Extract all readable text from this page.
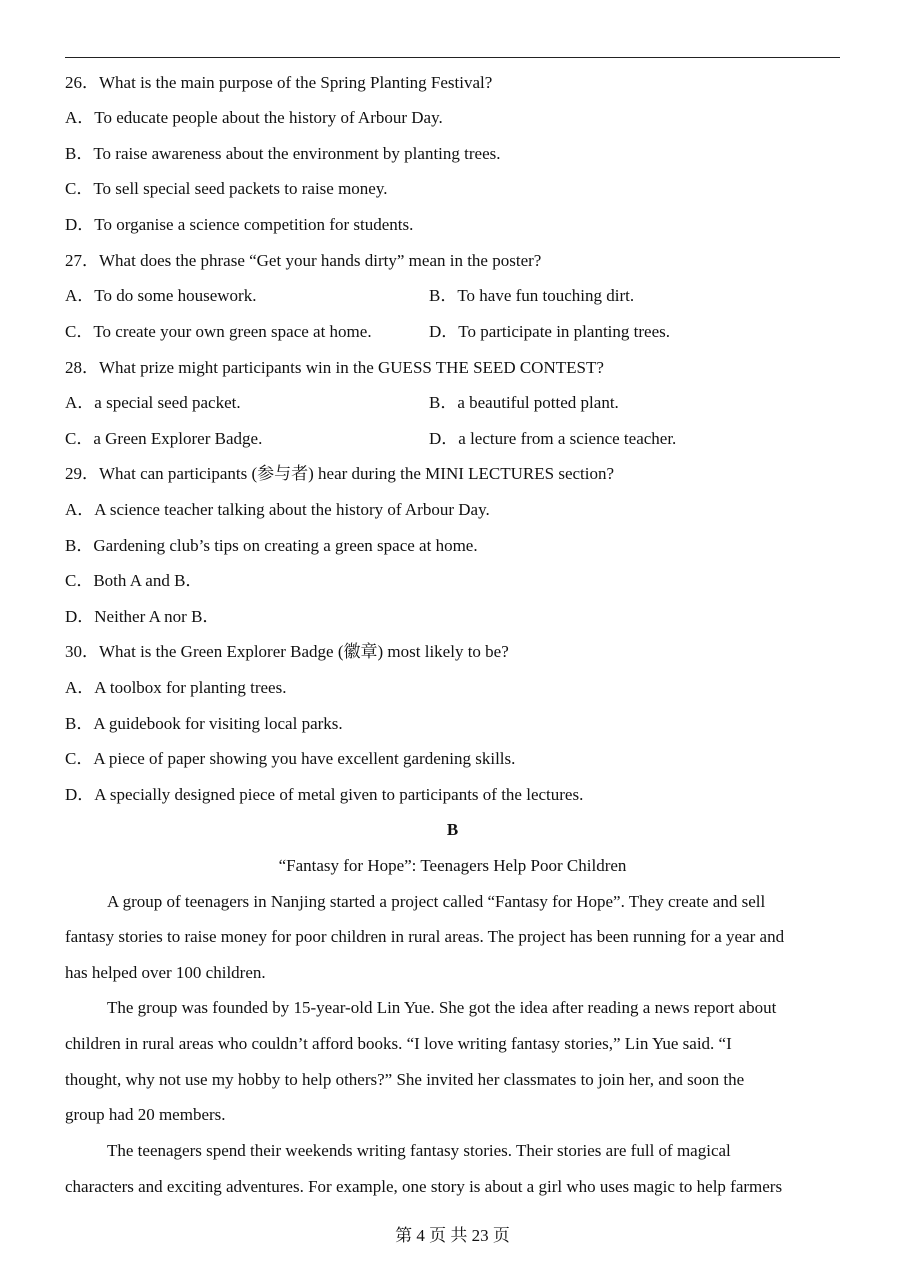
26．What is the main purpose of the Spring Planting Festival?
A．To educate people about the history of Arbour Day.
B．To raise awareness about the environment by planting trees.
C．To sell special seed packets to raise money.
D．To organise a science competition for students.
27．What does the phrase “Get your hands dirty” mean in the poster?
A．To do some housework.	B．To have fun touching dirt.
C．To create your own green space at home.	D．To participate in planting trees.
28．What prize might participants win in the GUESS THE SEED CONTEST?
A．a special seed packet.	B．a beautiful potted plant.
C．a Green Explorer Badge.	D．a lecture from a science teacher.
29．What can participants (参与者) hear during the MINI LECTURES section?
A．A science teacher talking about the history of Arbour Day.
B．Gardening club’s tips on creating a green space at home.
C．Both A and B．
D．Neither A nor B．
30．What is the Green Explorer Badge (徽章) most likely to be?
A．A toolbox for planting trees.
B．A guidebook for visiting local parks.
C．A piece of paper showing you have excellent gardening skills.
D．A specially designed piece of metal given to participants of the lectures.
B
“Fantasy for Hope”: Teenagers Help Poor Children
A group of teenagers in Nanjing started a project called “Fantasy for Hope”. They create and sell
fantasy stories to raise money for poor children in rural areas. The project has been running for a year and
has helped over 100 children.
The group was founded by 15-year-old Lin Yue. She got the idea after reading a news report about
children in rural areas who couldn’t afford books. “I love writing fantasy stories,” Lin Yue said. “I
thought, why not use my hobby to help others?” She invited her classmates to join her, and soon the
group had 20 members.
The teenagers spend their weekends writing fantasy stories. Their stories are full of magical
characters and exciting adventures. For example, one story is about a girl who uses magic to help farmers
第 4 页 共 23 页
